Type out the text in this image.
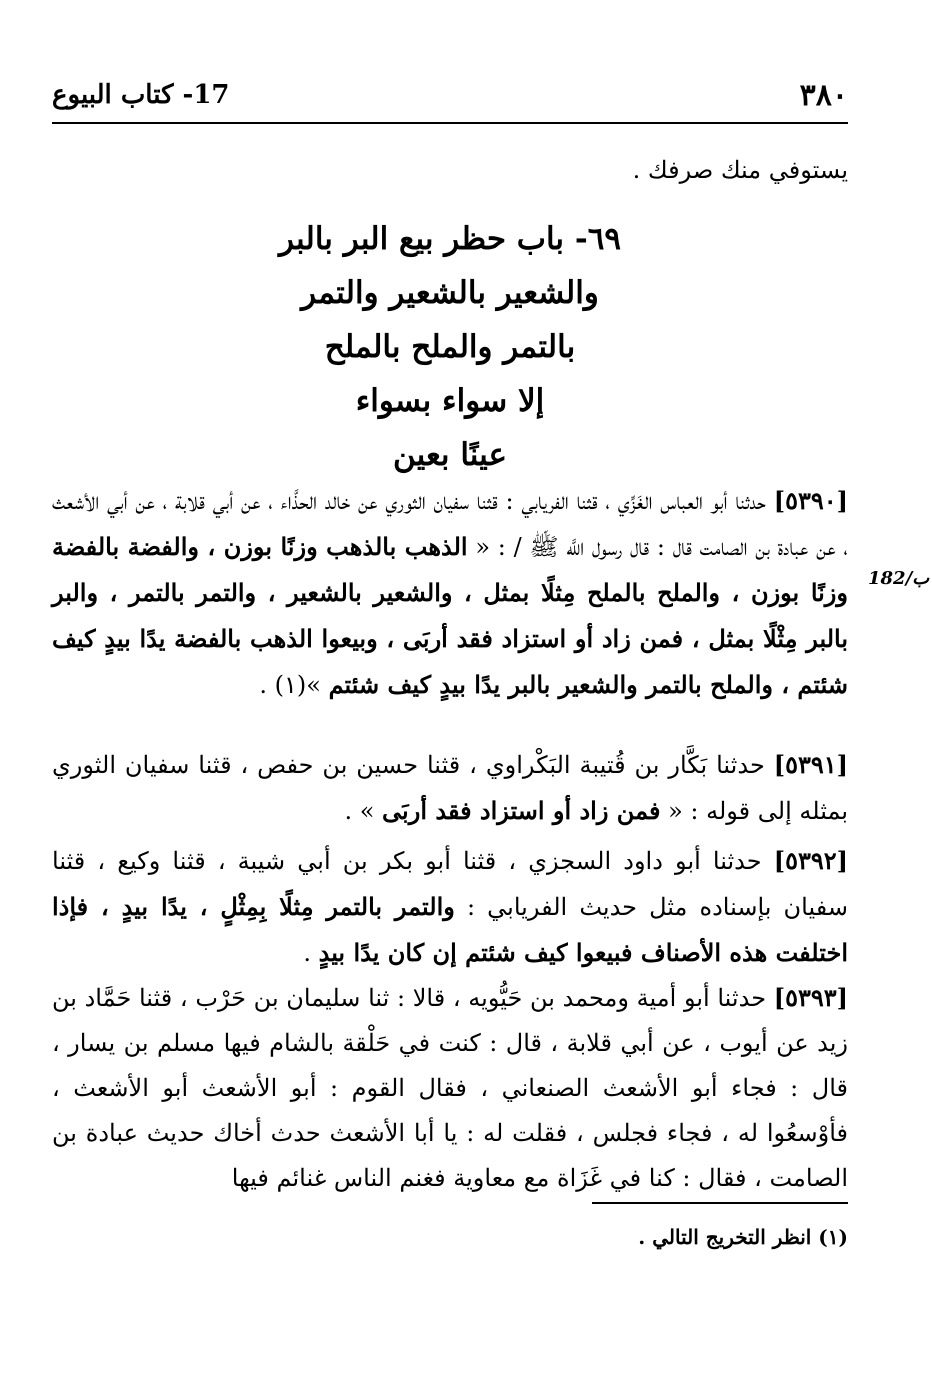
٣٨٠
17- كتاب البيوع
يستوفي منك صرفك .
٦٩- باب حظر بيع البر بالبر
والشعير بالشعير والتمر
بالتمر والملح بالملح
إلا سواء بسواء
عينًا بعين
[٥٣٩٠] حدثنا أبو العباس الغَزِّي ، قثنا الفريابي : قثنا سفيان الثوري عن خالد الحذَّاء ، عن أبي قلابة ، عن أبي الأشعث ، عن عبادة بن الصامت قال : قال رسول اللَّه ﷺ / : « الذهب بالذهب وزنًا بوزن ، والفضة بالفضة وزنًا بوزن ، والملح بالملح مِثلًا بمثل ، والشعير بالشعير ، والتمر بالتمر ، والبر بالبر مِثْلًا بمثل ، فمن زاد أو استزاد فقد أربَى ، وبيعوا الذهب بالفضة يدًا بيدٍ كيف شئتم ، والملح بالتمر والشعير بالبر يدًا بيدٍ كيف شئتم »(١) .
182/ب
[٥٣٩١] حدثنا بَكَّار بن قُتيبة البَكْراوي ، قثنا حسين بن حفص ، قثنا سفيان الثوري بمثله إلى قوله : « فمن زاد أو استزاد فقد أربَى » .
[٥٣٩٢] حدثنا أبو داود السجزي ، قثنا أبو بكر بن أبي شيبة ، قثنا وكيع ، قثنا سفيان بإسناده مثل حديث الفريابي : والتمر بالتمر مِثلًا بِمِثْلٍ ، يدًا بيدٍ ، فإذا اختلفت هذه الأصناف فبيعوا كيف شئتم إن كان يدًا بيدٍ .
[٥٣٩٣] حدثنا أبو أمية ومحمد بن حَيُّويه ، قالا : ثنا سليمان بن حَرْب ، قثنا حَمَّاد بن زيد عن أيوب ، عن أبي قلابة ، قال : كنت في حَلْقة بالشام فيها مسلم بن يسار ، قال : فجاء أبو الأشعث الصنعاني ، فقال القوم : أبو الأشعث أبو الأشعث ، فأوْسعُوا له ، فجاء فجلس ، فقلت له : يا أبا الأشعث حدث أخاك حديث عبادة بن الصامت ، فقال : كنا في غَزَاة مع معاوية فغنم الناس غنائم فيها
(١) انظر التخريج التالي .
